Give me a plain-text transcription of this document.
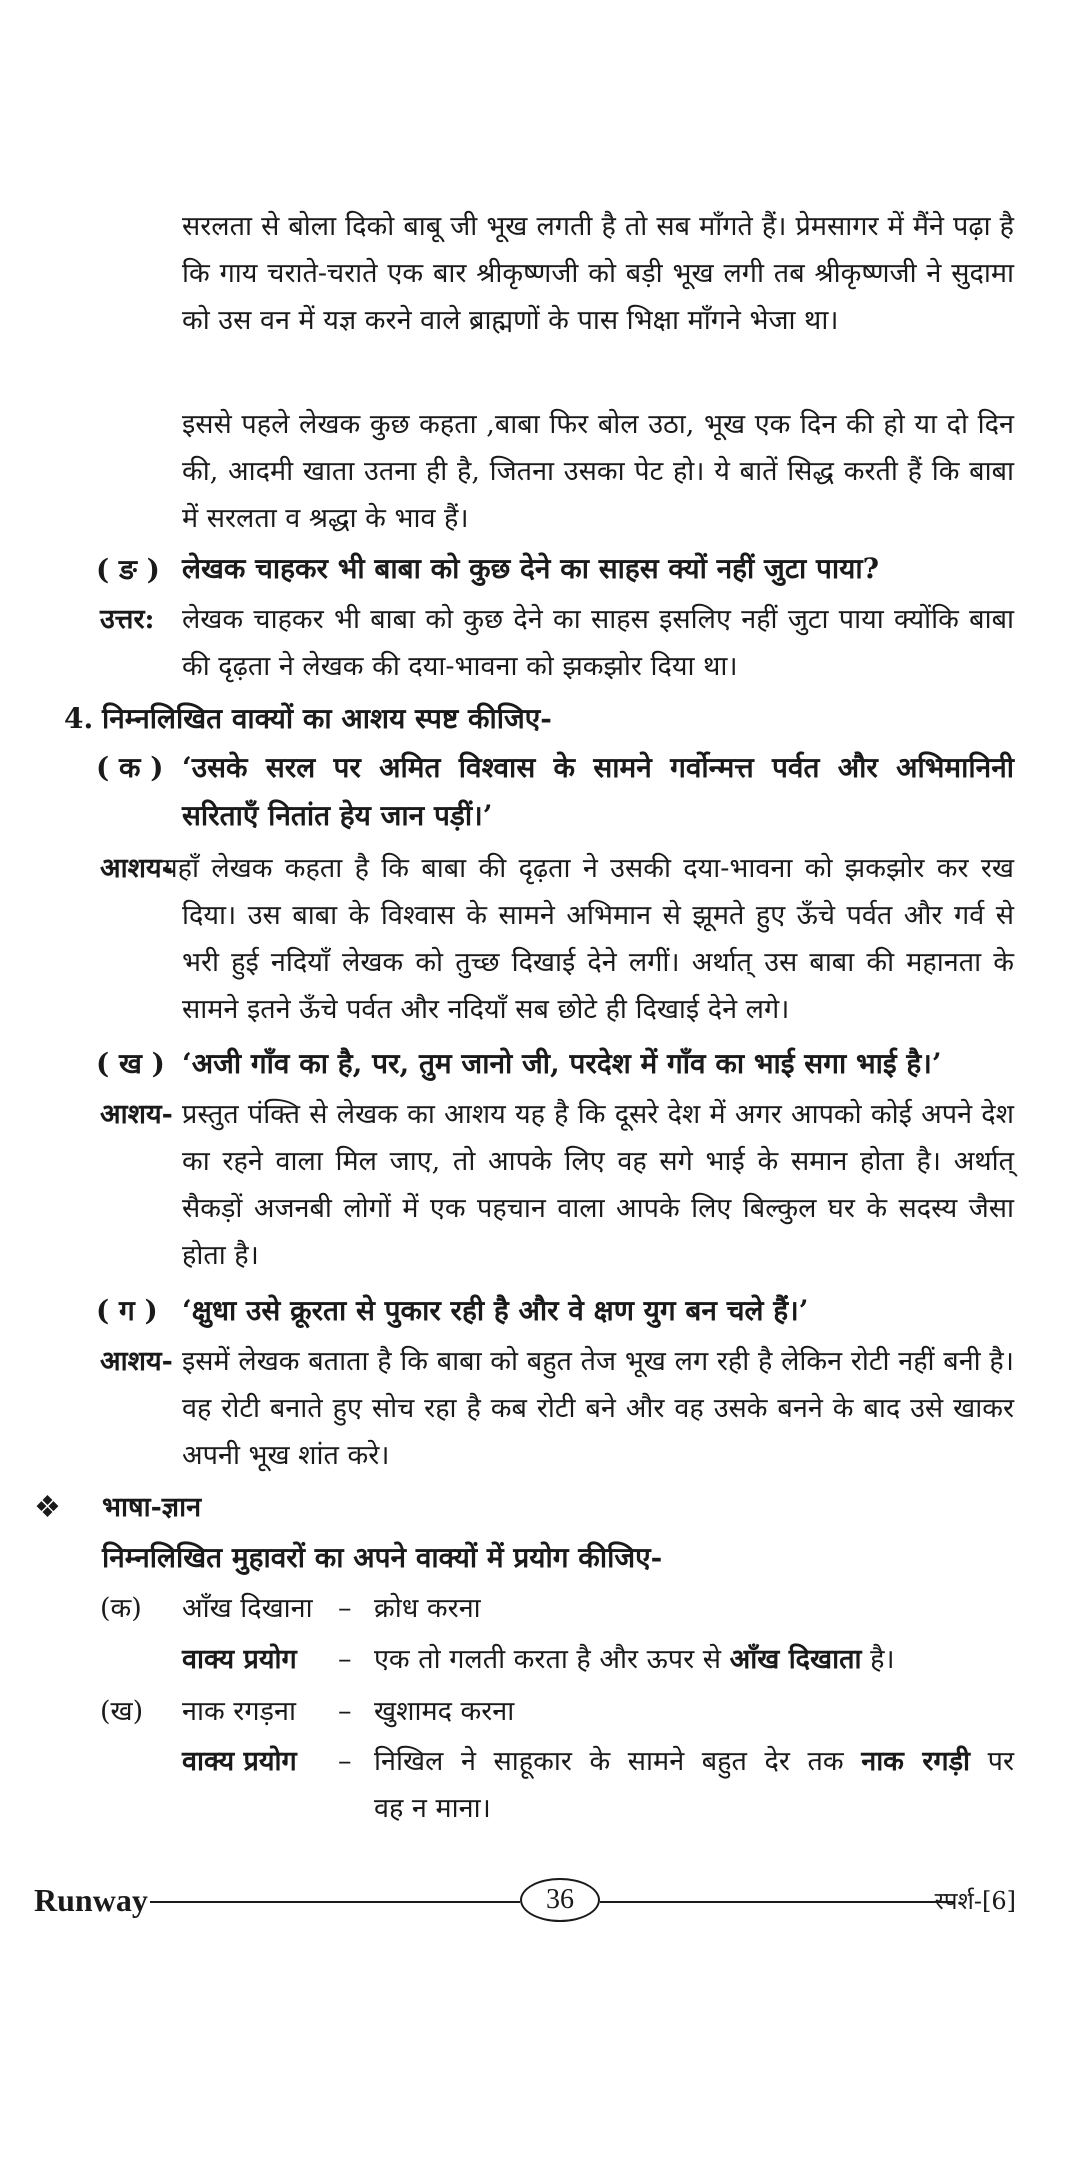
सरलता से बोला दिको बाबू जी भूख लगती है तो सब माँगते हैं। प्रेमसागर में मैंने पढ़ा है कि गाय चराते-चराते एक बार श्रीकृष्णजी को बड़ी भूख लगी तब श्रीकृष्णजी ने सुदामा को उस वन में यज्ञ करने वाले ब्राह्मणों के पास भिक्षा माँगने भेजा था।
इससे पहले लेखक कुछ कहता ,बाबा फिर बोल उठा, भूख एक दिन की हो या दो दिन की, आदमी खाता उतना ही है, जितना उसका पेट हो। ये बातें सिद्ध करती हैं कि बाबा में सरलता व श्रद्धा के भाव हैं।
( ङ ) लेखक चाहकर भी बाबा को कुछ देने का साहस क्यों नहीं जुटा पाया?
उत्तर: लेखक चाहकर भी बाबा को कुछ देने का साहस इसलिए नहीं जुटा पाया क्योंकि बाबा की दृढ़ता ने लेखक की दया-भावना को झकझोर दिया था।
4. निम्नलिखित वाक्यों का आशय स्पष्ट कीजिए-
( क ) ‘उसके सरल पर अमित विश्वास के सामने गर्वोन्मत्त पर्वत और अभिमानिनी सरिताएँ नितांत हेय जान पड़ीं।’
आशय-
यहाँ लेखक कहता है कि बाबा की दृढ़ता ने उसकी दया-भावना को झकझोर कर रख दिया। उस बाबा के विश्वास के सामने अभिमान से झूमते हुए ऊँचे पर्वत और गर्व से भरी हुई नदियाँ लेखक को तुच्छ दिखाई देने लगीं। अर्थात् उस बाबा की महानता के सामने इतने ऊँचे पर्वत और नदियाँ सब छोटे ही दिखाई देने लगे।
( ख ) ‘अजी गाँव का है, पर, तुम जानो जी, परदेश में गाँव का भाई सगा भाई है।’
आशय- प्रस्तुत पंक्ति से लेखक का आशय यह है कि दूसरे देश में अगर आपको कोई अपने देश का रहने वाला मिल जाए, तो आपके लिए वह सगे भाई के समान होता है। अर्थात् सैकड़ों अजनबी लोगों में एक पहचान वाला आपके लिए बिल्कुल घर के सदस्य जैसा होता है।
( ग ) ‘क्षुधा उसे क्रूरता से पुकार रही है और वे क्षण युग बन चले हैं।’
आशय- इसमें लेखक बताता है कि बाबा को बहुत तेज भूख लग रही है लेकिन रोटी नहीं बनी है। वह रोटी बनाते हुए सोच रहा है कब रोटी बने और वह उसके बनने के बाद उसे खाकर अपनी भूख शांत करे।
❖ भाषा-ज्ञान
निम्नलिखित मुहावरों का अपने वाक्यों में प्रयोग कीजिए-
(क) आँख दिखाना – क्रोध करना
वाक्य प्रयोग – एक तो गलती करता है और ऊपर से आँख दिखाता है।
(ख) नाक रगड़ना – खुशामद करना
वाक्य प्रयोग – निखिल ने साहूकार के सामने बहुत देर तक नाक रगड़ी पर
वह न माना।
Runway	36	स्पर्श-[6]
